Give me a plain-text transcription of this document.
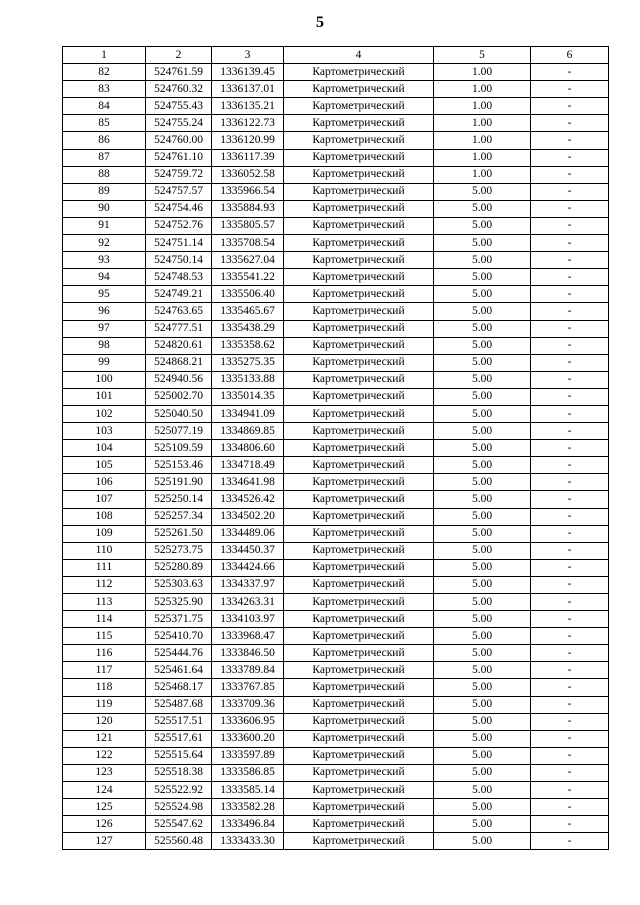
5
1	2	3	4	5	6
82	524761.59	1336139.45	Картометрический	1.00	-
83	524760.32	1336137.01	Картометрический	1.00	-
84	524755.43	1336135.21	Картометрический	1.00	-
85	524755.24	1336122.73	Картометрический	1.00	-
86	524760.00	1336120.99	Картометрический	1.00	-
87	524761.10	1336117.39	Картометрический	1.00	-
88	524759.72	1336052.58	Картометрический	1.00	-
89	524757.57	1335966.54	Картометрический	5.00	-
90	524754.46	1335884.93	Картометрический	5.00	-
91	524752.76	1335805.57	Картометрический	5.00	-
92	524751.14	1335708.54	Картометрический	5.00	-
93	524750.14	1335627.04	Картометрический	5.00	-
94	524748.53	1335541.22	Картометрический	5.00	-
95	524749.21	1335506.40	Картометрический	5.00	-
96	524763.65	1335465.67	Картометрический	5.00	-
97	524777.51	1335438.29	Картометрический	5.00	-
98	524820.61	1335358.62	Картометрический	5.00	-
99	524868.21	1335275.35	Картометрический	5.00	-
100	524940.56	1335133.88	Картометрический	5.00	-
101	525002.70	1335014.35	Картометрический	5.00	-
102	525040.50	1334941.09	Картометрический	5.00	-
103	525077.19	1334869.85	Картометрический	5.00	-
104	525109.59	1334806.60	Картометрический	5.00	-
105	525153.46	1334718.49	Картометрический	5.00	-
106	525191.90	1334641.98	Картометрический	5.00	-
107	525250.14	1334526.42	Картометрический	5.00	-
108	525257.34	1334502.20	Картометрический	5.00	-
109	525261.50	1334489.06	Картометрический	5.00	-
110	525273.75	1334450.37	Картометрический	5.00	-
111	525280.89	1334424.66	Картометрический	5.00	-
112	525303.63	1334337.97	Картометрический	5.00	-
113	525325.90	1334263.31	Картометрический	5.00	-
114	525371.75	1334103.97	Картометрический	5.00	-
115	525410.70	1333968.47	Картометрический	5.00	-
116	525444.76	1333846.50	Картометрический	5.00	-
117	525461.64	1333789.84	Картометрический	5.00	-
118	525468.17	1333767.85	Картометрический	5.00	-
119	525487.68	1333709.36	Картометрический	5.00	-
120	525517.51	1333606.95	Картометрический	5.00	-
121	525517.61	1333600.20	Картометрический	5.00	-
122	525515.64	1333597.89	Картометрический	5.00	-
123	525518.38	1333586.85	Картометрический	5.00	-
124	525522.92	1333585.14	Картометрический	5.00	-
125	525524.98	1333582.28	Картометрический	5.00	-
126	525547.62	1333496.84	Картометрический	5.00	-
127	525560.48	1333433.30	Картометрический	5.00	-
